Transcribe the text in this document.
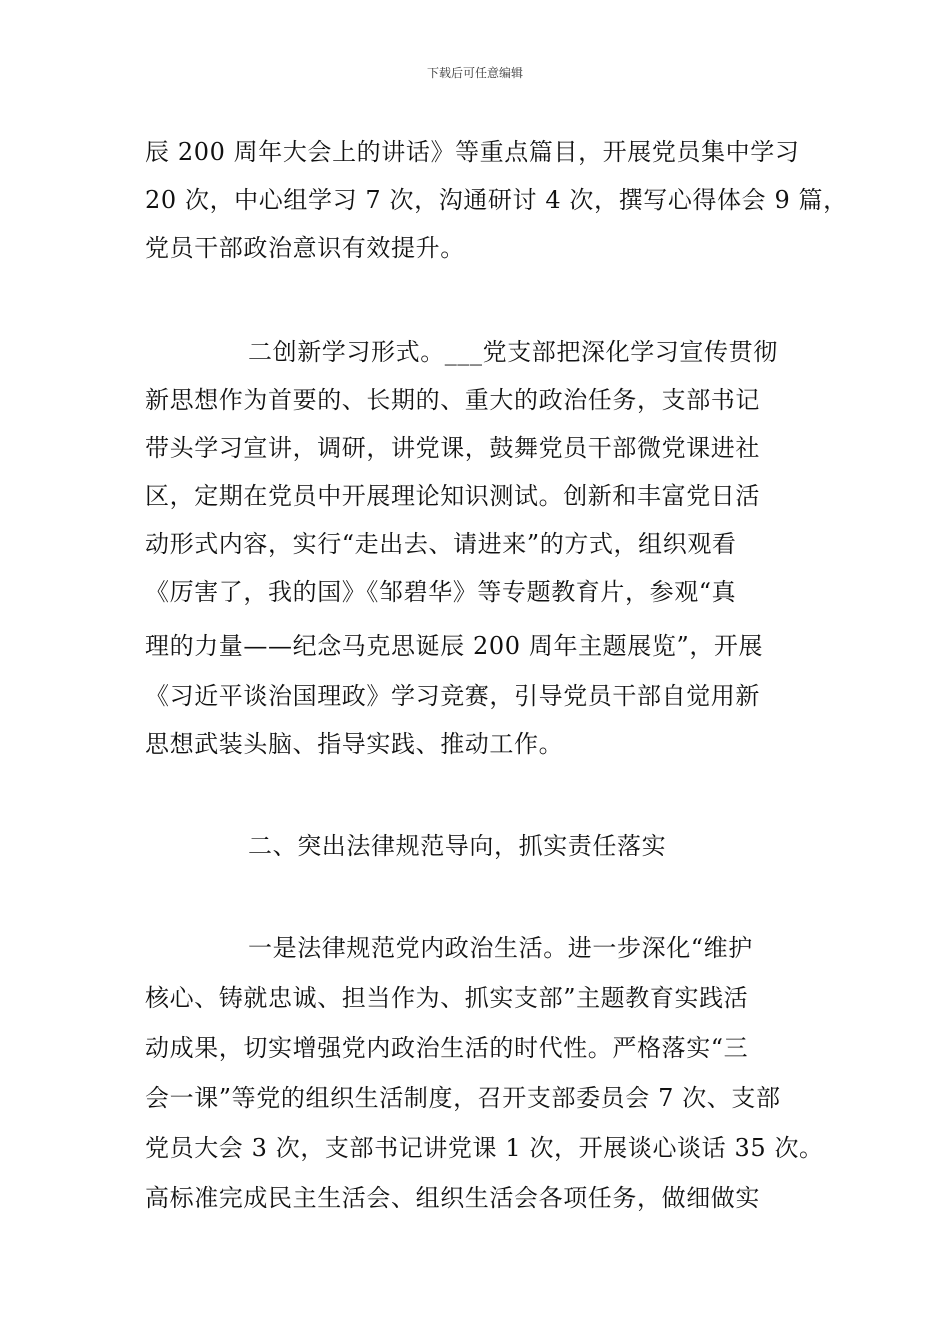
下载后可任意编辑
辰 200 周年大会上的讲话》等重点篇目，开展党员集中学习
20 次，中心组学习 7 次，沟通研讨 4 次，撰写心得体会 9 篇，
党员干部政治意识有效提升。
二创新学习形式。___党支部把深化学习宣传贯彻
新思想作为首要的、长期的、重大的政治任务，支部书记
带头学习宣讲，调研，讲党课，鼓舞党员干部微党课进社
区，定期在党员中开展理论知识测试。创新和丰富党日活
动形式内容，实行“走出去、请进来”的方式，组织观看
《厉害了，我的国》《邹碧华》等专题教育片，参观“真
理的力量——纪念马克思诞辰 200 周年主题展览”，开展
《习近平谈治国理政》学习竞赛，引导党员干部自觉用新
思想武装头脑、指导实践、推动工作。
二、突出法律规范导向，抓实责任落实
一是法律规范党内政治生活。进一步深化“维护
核心、铸就忠诚、担当作为、抓实支部”主题教育实践活
动成果，切实增强党内政治生活的时代性。严格落实“三
会一课”等党的组织生活制度，召开支部委员会 7 次、支部
党员大会 3 次，支部书记讲党课 1 次，开展谈心谈话 35 次。
高标准完成民主生活会、组织生活会各项任务，做细做实
